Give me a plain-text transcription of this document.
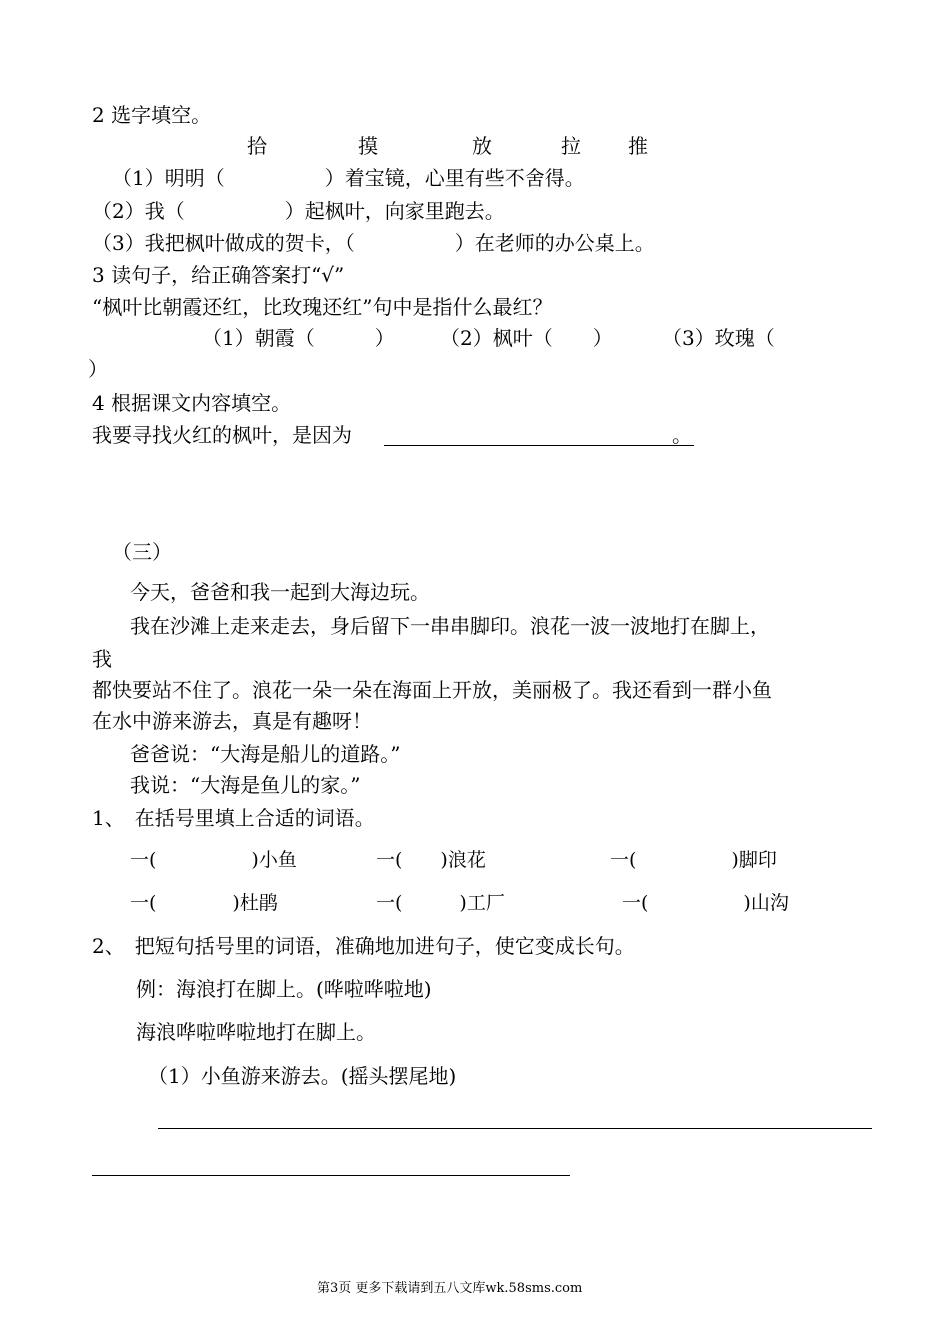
2 选字填空。
拾	摸	放	拉 推
（1）明明（　　　　　）着宝镜，心里有些不舍得。
（2）我（　　　　　）起枫叶，向家里跑去。
（3）我把枫叶做成的贺卡，（　　　　　）在老师的办公桌上。
3 读句子，给正确答案打“√”
“枫叶比朝霞还红，比玫瑰还红”句中是指什么最红？
（1）朝霞（　　　） （2）枫叶（　　） （3）玫瑰（
）
4 根据课文内容填空。
我要寻找火红的枫叶，是因为	。
（三）
今天，爸爸和我一起到大海边玩。
我在沙滩上走来走去，身后留下一串串脚印。浪花一波一波地打在脚上，
我
都快要站不住了。浪花一朵一朵在海面上开放，美丽极了。我还看到一群小鱼
在水中游来游去，真是有趣呀！
爸爸说：“大海是船儿的道路。”
我说：“大海是鱼儿的家。”
1、　在括号里填上合适的词语。
一(　　　　　)小鱼	一(　　)浪花	一(　　　　　)脚印
一(　　　　)杜鹃	一(　　　)工厂	一(　　　　　)山沟
2、　把短句括号里的词语，准确地加进句子，使它变成长句。
例：海浪打在脚上。(哗啦哗啦地)
海浪哗啦哗啦地打在脚上。
（1）小鱼游来游去。(摇头摆尾地)
第3页 更多下载请到五八文库wk.58sms.com
